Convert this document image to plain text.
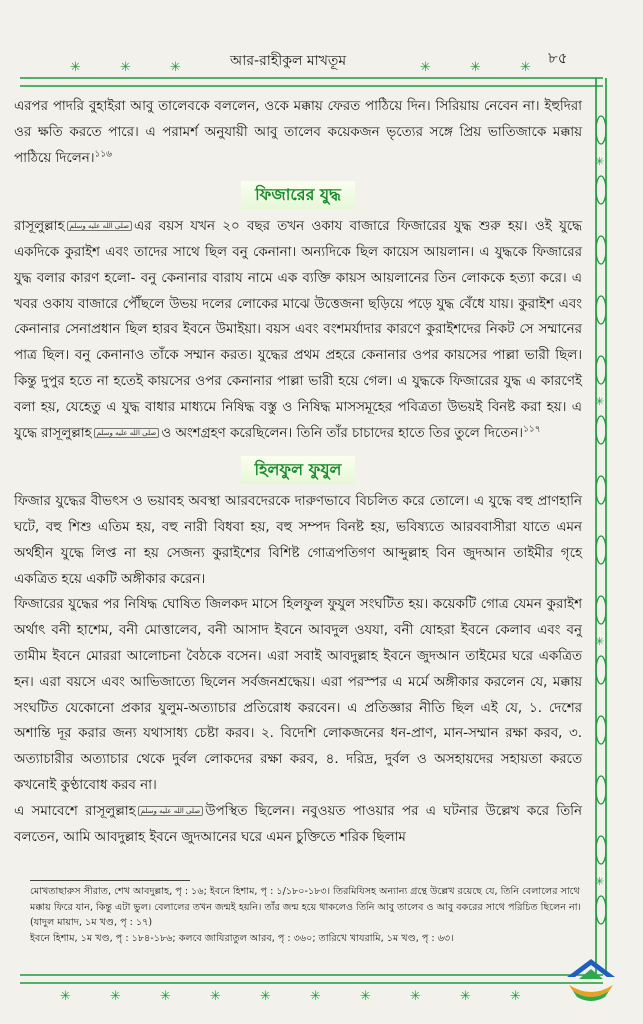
✳	✳	✳	✳	✳	✳
✳
✳
✳
✳
✳	✳	✳	✳	✳	✳	✳	✳	✳	✳
আর-রাহীকুল মাখতূম	৮৫

এরপর পাদরি বুহাইরা আবু তালেবকে বললেন, ওকে মক্কায় ফেরত পাঠিয়ে দিন। সিরিয়ায় নেবেন না। ইহুদিরা ওর ক্ষতি করতে পারে। এ পরামর্শ অনুযায়ী আবু তালেব কয়েকজন ভৃত্যের সঙ্গে প্রিয় ভাতিজাকে মক্কায় পাঠিয়ে দিলেন।$^{১১৬}$

ফিজারের যুদ্ধ

রাসূলুল্লাহ صلى الله عليه وسلم এর বয়স যখন ২০ বছর তখন ওকায বাজারে ফিজারের যুদ্ধ শুরু হয়। ওই যুদ্ধে একদিকে কুরাইশ এবং তাদের সাথে ছিল বনু কেনানা। অন্যদিকে ছিল কায়েস আয়লান। এ যুদ্ধকে ফিজারের যুদ্ধ বলার কারণ হলো- বনু কেনানার বারায নামে এক ব্যক্তি কায়স আয়লানের তিন লোককে হত্যা করে। এ খবর ওকায বাজারে পৌঁছলে উভয় দলের লোকের মাঝে উত্তেজনা ছড়িয়ে পড়ে যুদ্ধ বেঁধে যায়। কুরাইশ এবং কেনানার সেনাপ্রধান ছিল হারব ইবনে উমাইয়া। বয়স এবং বংশমর্যাদার কারণে কুরাইশদের নিকট সে সম্মানের পাত্র ছিল। বনু কেনানাও তাঁকে সম্মান করত। যুদ্ধের প্রথম প্রহরে কেনানার ওপর কায়সের পাল্লা ভারী ছিল। কিন্তু দুপুর হতে না হতেই কায়সের ওপর কেনানার পাল্লা ভারী হয়ে গেল। এ যুদ্ধকে ফিজারের যুদ্ধ এ কারণেই বলা হয়, যেহেতু এ যুদ্ধ বাধার মাধ্যমে নিষিদ্ধ বস্তু ও নিষিদ্ধ মাসসমূহের পবিত্রতা উভয়ই বিনষ্ট করা হয়। এ যুদ্ধে রাসূলুল্লাহ صلى الله عليه وسلم ও অংশগ্রহণ করেছিলেন। তিনি তাঁর চাচাদের হাতে তির তুলে দিতেন।$^{১১৭}$

হিলফুল ফুযুল

ফিজার যুদ্ধের বীভৎস ও ভয়াবহ অবস্থা আরবদেরকে দারুণভাবে বিচলিত করে তোলে। এ যুদ্ধে বহু প্রাণহানি ঘটে, বহু শিশু এতিম হয়, বহু নারী বিধবা হয়, বহু সম্পদ বিনষ্ট হয়, ভবিষ্যতে আরববাসীরা যাতে এমন অর্থহীন যুদ্ধে লিপ্ত না হয় সেজন্য কুরাইশের বিশিষ্ট গোত্রপতিগণ আব্দুল্লাহ বিন জুদআন তাইমীর গৃহে একত্রিত হয়ে একটি অঙ্গীকার করেন।

ফিজারের যুদ্ধের পর নিষিদ্ধ ঘোষিত জিলকদ মাসে হিলফুল ফুযুল সংঘটিত হয়। কয়েকটি গোত্র যেমন কুরাইশ অর্থাৎ বনী হাশেম, বনী মোত্তালেব, বনী আসাদ ইবনে আবদুল ওযযা, বনী যোহরা ইবনে কেলাব এবং বনু তামীম ইবনে মোররা আলোচনা বৈঠকে বসেন। এরা সবাই আবদুল্লাহ ইবনে জুদআন তাইমের ঘরে একত্রিত হন। এরা বয়সে এবং আভিজাত্যে ছিলেন সর্বজনশ্রদ্ধেয়। এরা পরস্পর এ মর্মে অঙ্গীকার করলেন যে, মক্কায় সংঘটিত যেকোনো প্রকার যুলুম-অত্যাচার প্রতিরোধ করবেন। এ প্রতিজ্ঞার নীতি ছিল এই যে, ১. দেশের অশান্তি দূর করার জন্য যথাসাধ্য চেষ্টা করব। ২. বিদেশি লোকজনের ধন-প্রাণ, মান-সম্মান রক্ষা করব, ৩. অত্যাচারীর অত্যাচার থেকে দুর্বল লোকদের রক্ষা করব, ৪. দরিদ্র, দুর্বল ও অসহায়দের সহায়তা করতে কখনোই কুণ্ঠাবোধ করব না।

এ সমাবেশে রাসূলুল্লাহ صلى الله عليه وسلم উপস্থিত ছিলেন। নবুওয়ত পাওয়ার পর এ ঘটনার উল্লেখ করে তিনি বলতেন, আমি আবদুল্লাহ ইবনে জুদআনের ঘরে এমন চুক্তিতে শরিক ছিলাম

মোখতাছারুস সীরাত, শেখ আবদুল্লাহ, পৃ : ১৬; ইবনে হিশাম, পৃ : ১/১৮০-১৮৩। তিরমিযিসহ অন্যান্য গ্রন্থে উল্লেখ রয়েছে যে, তিনি বেলালের সাথে মক্কায় ফিরে যান, কিন্তু এটা ভুল। বেলালের তখন জন্মই হয়নি। তাঁর জন্ম হয়ে থাকলেও তিনি আবু তালেব ও আবু বকরের সাথে পরিচিত ছিলেন না। (যাদুল মায়াদ, ১ম খণ্ড, পৃ : ১৭)

ইবনে হিশাম, ১ম খণ্ড, পৃ : ১৮৪-১৮৬; কলবে জাযিরাতুল আরব, পৃ : ৩৬০; তারিখে খাযরামি, ১ম খণ্ড, পৃ : ৬৩।
